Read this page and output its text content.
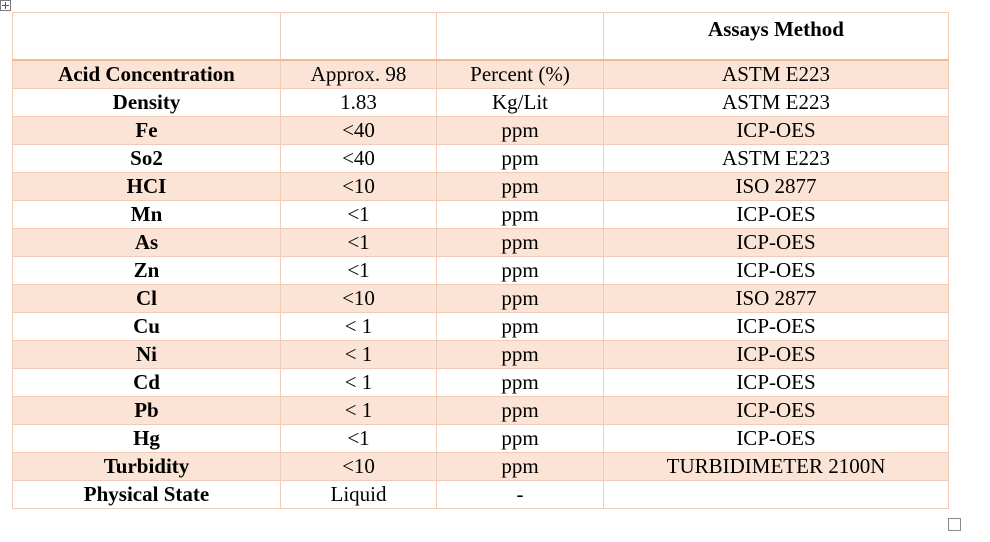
			Assays Method
Acid Concentration	Approx. 98	Percent (%)	ASTM E223
Density	1.83	Kg/Lit	ASTM E223
Fe	<40	ppm	ICP-OES
So2	<40	ppm	ASTM E223
HCI	<10	ppm	ISO 2877
Mn	<1	ppm	ICP-OES
As	<1	ppm	ICP-OES
Zn	<1	ppm	ICP-OES
Cl	<10	ppm	ISO 2877
Cu	< 1	ppm	ICP-OES
Ni	< 1	ppm	ICP-OES
Cd	< 1	ppm	ICP-OES
Pb	< 1	ppm	ICP-OES
Hg	<1	ppm	ICP-OES
Turbidity	<10	ppm	TURBIDIMETER 2100N
Physical State	Liquid	-	
